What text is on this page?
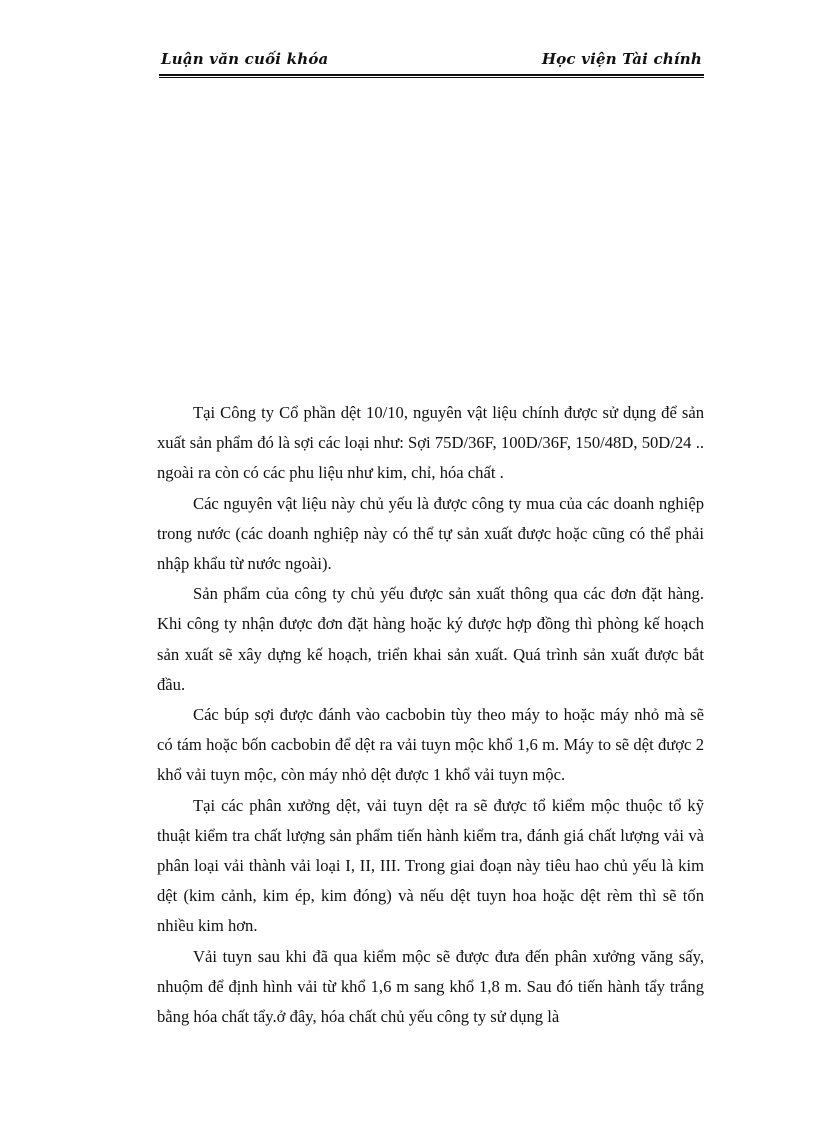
Luận văn cuối khóa	Học viện Tài chính

Tại Công ty Cổ phần dệt 10/10, nguyên vật liệu chính được sử dụng để sản xuất sản phẩm đó là sợi các loại như: Sợi 75D/36F, 100D/36F, 150/48D, 50D/24 .. ngoài ra còn có các phu liệu như kim, chỉ, hóa chất .

Các nguyên vật liệu này chủ yếu là được công ty mua của các doanh nghiệp trong nước (các doanh nghiệp này có thể tự sản xuất được hoặc cũng có thể phải nhập khẩu từ nước ngoài).

Sản phẩm của công ty chủ yếu được sản xuất thông qua các đơn đặt hàng. Khi công ty nhận được đơn đặt hàng hoặc ký được hợp đồng thì phòng kế hoạch sản xuất sẽ xây dựng kế hoạch, triển khai sản xuất. Quá trình sản xuất được bắt đầu.

Các búp sợi được đánh vào cacbobin tùy theo máy to hoặc máy nhỏ mà sẽ có tám hoặc bốn cacbobin để dệt ra vải tuyn mộc khổ 1,6 m. Máy to sẽ dệt được 2 khổ vải tuyn mộc, còn máy nhỏ dệt được 1 khổ vải tuyn mộc.

Tại các phân xưởng dệt, vải tuyn dệt ra sẽ được tổ kiểm mộc thuộc tổ kỹ thuật kiểm tra chất lượng sản phẩm tiến hành kiểm tra, đánh giá chất lượng vải và phân loại vải thành vải loại I, II, III. Trong giai đoạn này tiêu hao chủ yếu là kim dệt (kim cảnh, kim ép, kim đóng) và nếu dệt tuyn hoa hoặc dệt rèm thì sẽ tốn nhiều kim hơn.

Vải tuyn sau khi đã qua kiểm mộc sẽ được đưa đến phân xưởng văng sấy, nhuộm để định hình vải từ khổ 1,6 m sang khổ 1,8 m. Sau đó tiến hành tẩy trắng bằng hóa chất tẩy.ở đây, hóa chất chủ yếu công ty sử dụng là
